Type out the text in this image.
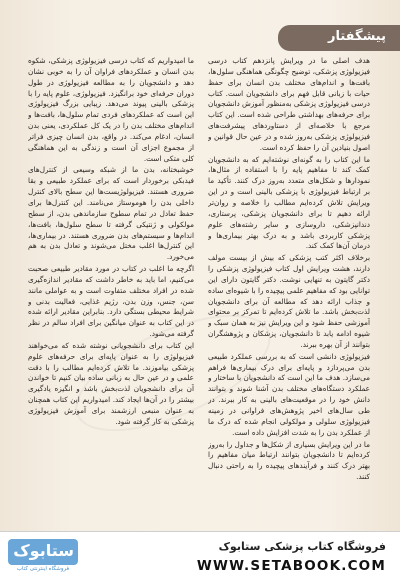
پیشگفتار

هدف اصلی ما در ویرایش پانزدهم کتاب درسی فیزیولوژی پزشکی، توضیح چگونگی هماهنگی سلول‌ها، بافت‌ها و اندام‌های مختلف بدن انسان برای حفظ حیات با زبانی قابل فهم برای دانشجویان است. کتاب درسی فیزیولوژی پزشکی به‌منظور آموزش دانشجویان برای حرفه‌های بهداشتی طراحی شده است. این کتاب مرجع با خلاصه‌ای از دستاوردهای پیشرفت‌های فیزیولوژی پزشکی به‌روز شده و در عین حال قوانین و اصول بنیادین آن را حفظ کرده است.

ما این کتاب را به گونه‌ای نوشته‌ایم که به دانشجویان کمک کند تا مفاهیم پایه را با استفاده از مثال‌ها، نمودارها و شکل‌های متعدد به‌روز درک کنند. تأکید ما بر ارتباط فیزیولوژی با پزشکی بالینی است و در این ویرایش تلاش کرده‌ایم مطالب را خلاصه و روان‌تر ارائه دهیم تا برای دانشجویان پزشکی، پرستاری، دندانپزشکی، داروسازی و سایر رشته‌های علوم پزشکی کاربردی باشد و به درک بهتر بیماری‌ها و درمان آن‌ها کمک کند.

برخلاف اکثر کتب پزشکی که بیش از بیست مولف دارند، هشت ویرایش اول کتاب فیزیولوژی پزشکی را دکتر گایتون به تنهایی نوشت. دکتر گایتون دارای این توانایی بود که مفاهیم علمی پیچیده را با شیوه‌ای ساده و جذاب ارائه دهد که مطالعه آن برای دانشجویان لذت‌بخش باشد. ما تلاش کرده‌ایم تا تمرکز بر محتوای آموزشی حفظ شود و این ویرایش نیز به همان سبک و شیوه ادامه یابد تا دانشجویان، پزشکان و پژوهشگران بتوانند از آن بهره ببرند.

فیزیولوژی دانشی است که به بررسی عملکرد طبیعی بدن می‌پردازد و پایه‌ای برای درک بیماری‌ها فراهم می‌سازد. هدف ما این است که دانشجویان با ساختار و عملکرد دستگاه‌های مختلف بدن آشنا شوند و بتوانند دانش خود را در موقعیت‌های بالینی به کار ببرند. در طی سال‌های اخیر پژوهش‌های فراوانی در زمینه فیزیولوژی سلولی و مولکولی انجام شده که درک ما از عملکرد بدن را به شدت افزایش داده است.

ما در این ویرایش بسیاری از شکل‌ها و جداول را به‌روز کرده‌ایم تا دانشجویان بتوانند ارتباط میان مفاهیم را بهتر درک کنند و فرآیندهای پیچیده را به راحتی دنبال کنند.

ما امیدواریم که کتاب درسی فیزیولوژی پزشکی، شکوه بدن انسان و عملکردهای فراوان آن را به خوبی نشان دهد و دانشجویان را به مطالعه فیزیولوژی در طول دوران حرفه‌ای خود برانگیزد. فیزیولوژی، علوم پایه را با پزشکی بالینی پیوند می‌دهد. زیبایی بزرگ فیزیولوژی این است که عملکردهای فردی تمام سلول‌ها، بافت‌ها و اندام‌های مختلف بدن را در یک کل عملکردی، یعنی بدن انسان، ادغام می‌کند. در واقع، بدن انسان چیزی فراتر از مجموع اجزای آن است و زندگی به این هماهنگی کلی متکی است.

خوشبختانه، بدن ما از شبکه وسیعی از کنترل‌های فیدبکی برخوردار است که برای عملکرد طبیعی و بقا ضروری هستند. فیزیولوژیست‌ها این سطح بالای کنترل داخلی بدن را هوموستاز می‌نامند. این کنترل‌ها برای حفظ تعادل در تمام سطوح سازماندهی بدن، از سطح مولکولی و ژنتیکی گرفته تا سطح سلول‌ها، بافت‌ها، اندام‌ها و سیستم‌های بدن ضروری هستند. در بیماری‌ها، این کنترل‌ها اغلب مختل می‌شوند و تعادل بدن به هم می‌خورد.

اگرچه ما اغلب در کتاب در مورد مقادیر طبیعی صحبت می‌کنیم، اما باید به خاطر داشت که مقادیر اندازه‌گیری شده در افراد مختلف متفاوت است و به عواملی مانند سن، جنس، وزن بدن، رژیم غذایی، فعالیت بدنی و شرایط محیطی بستگی دارد. بنابراین مقادیر ارائه شده در این کتاب به عنوان میانگین برای افراد سالم در نظر گرفته می‌شود.

این کتاب برای دانشجویانی نوشته شده که می‌خواهند فیزیولوژی را به عنوان پایه‌ای برای حرفه‌های علوم پزشکی بیاموزند. ما تلاش کرده‌ایم مطالب را با دقت علمی و در عین حال به زبانی ساده بیان کنیم تا خواندن آن برای دانشجویان لذت‌بخش باشد و انگیزه یادگیری بیشتر را در آن‌ها ایجاد کند. امیدواریم این کتاب همچنان به عنوان منبعی ارزشمند برای آموزش فیزیولوژی پزشکی به کار گرفته شود.

ستابوک
فروشگاه اینترنتی کتاب
فروشگاه کتاب پزشکی ستابوک
WWW.SETABOOK.COM
